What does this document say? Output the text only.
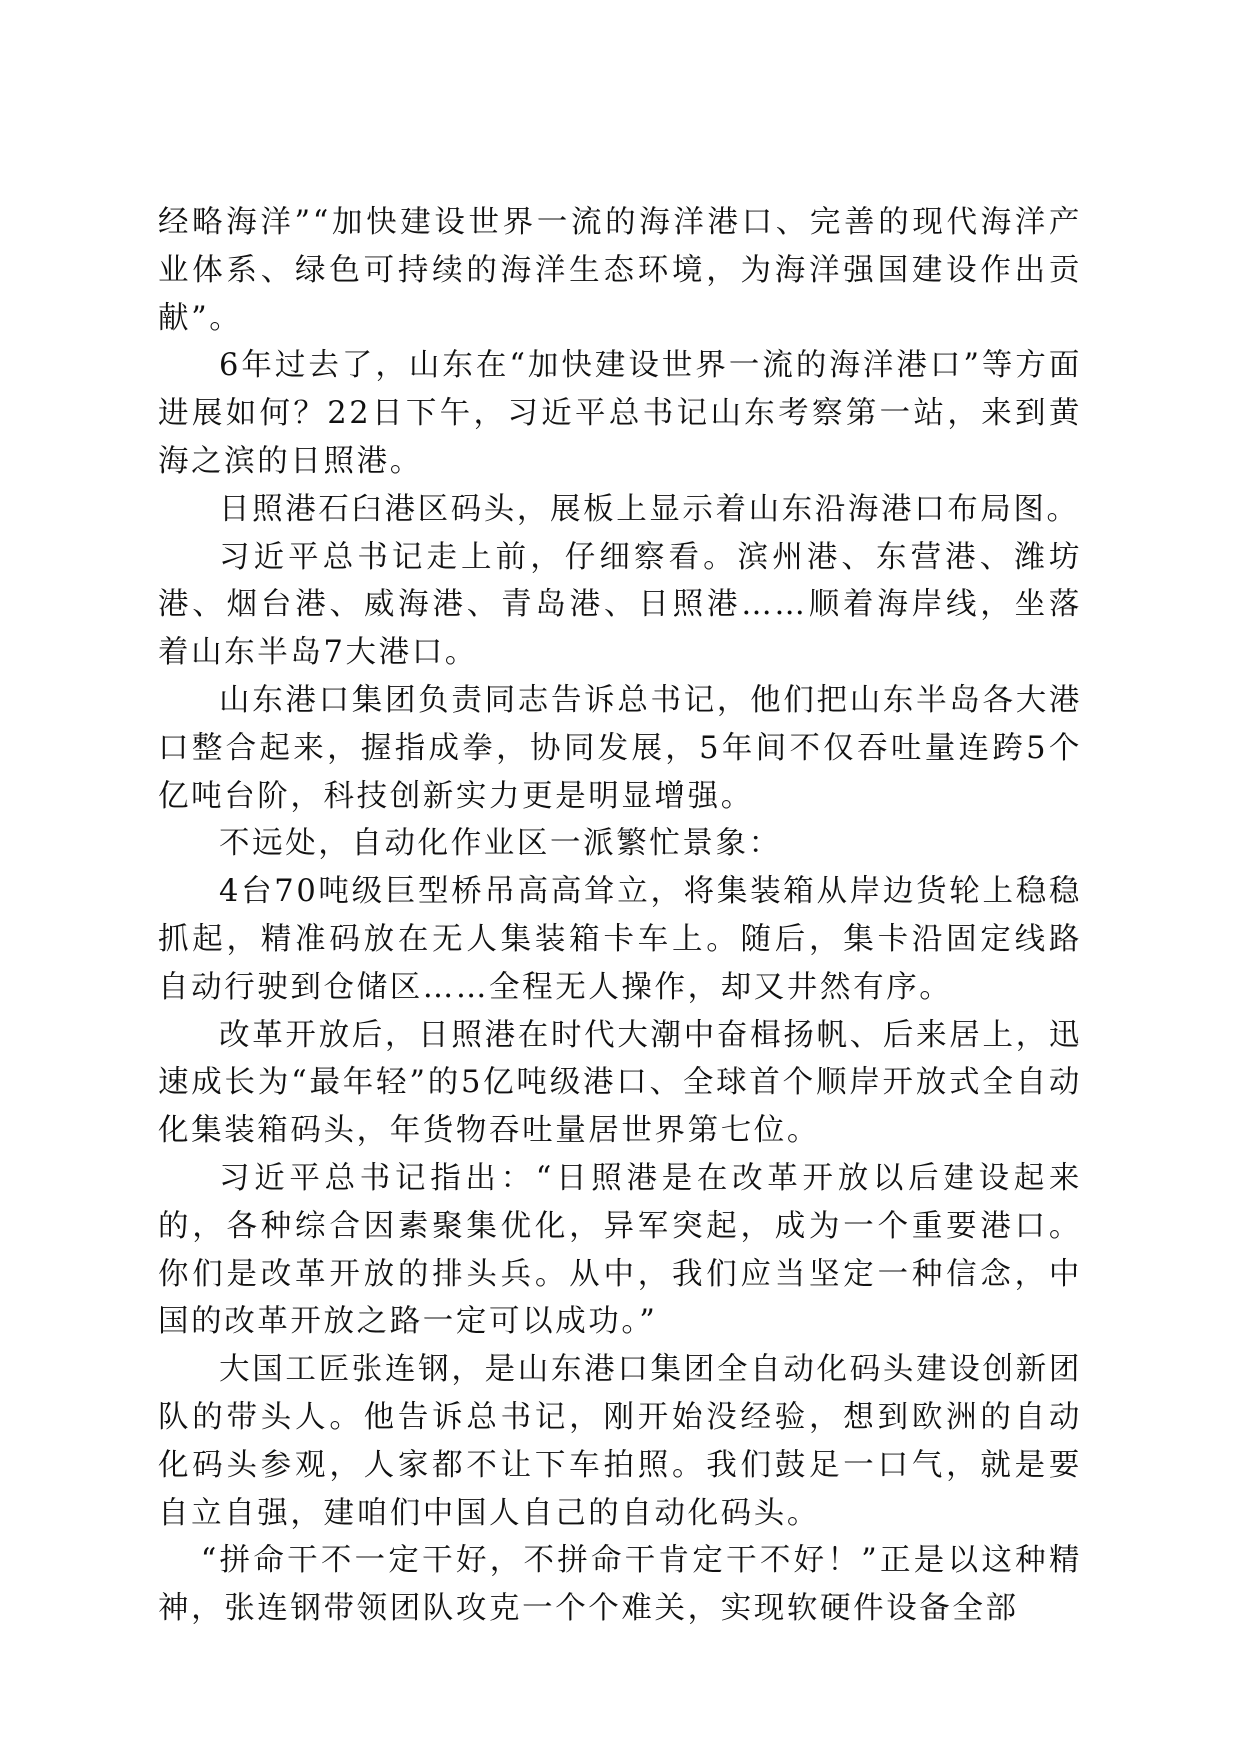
经略海洋”“加快建设世界一流的海洋港口、完善的现代海洋产业体系、绿色可持续的海洋生态环境，为海洋强国建设作出贡献”。

6年过去了，山东在“加快建设世界一流的海洋港口”等方面进展如何？22日下午，习近平总书记山东考察第一站，来到黄海之滨的日照港。

日照港石臼港区码头，展板上显示着山东沿海港口布局图。

习近平总书记走上前，仔细察看。滨州港、东营港、潍坊港、烟台港、威海港、青岛港、日照港……顺着海岸线，坐落着山东半岛7大港口。

山东港口集团负责同志告诉总书记，他们把山东半岛各大港口整合起来，握指成拳，协同发展，5年间不仅吞吐量连跨5个亿吨台阶，科技创新实力更是明显增强。

不远处，自动化作业区一派繁忙景象：

4台70吨级巨型桥吊高高耸立，将集装箱从岸边货轮上稳稳抓起，精准码放在无人集装箱卡车上。随后，集卡沿固定线路自动行驶到仓储区……全程无人操作，却又井然有序。

改革开放后，日照港在时代大潮中奋楫扬帆、后来居上，迅速成长为“最年轻”的5亿吨级港口、全球首个顺岸开放式全自动化集装箱码头，年货物吞吐量居世界第七位。

习近平总书记指出：“日照港是在改革开放以后建设起来的，各种综合因素聚集优化，异军突起，成为一个重要港口。你们是改革开放的排头兵。从中，我们应当坚定一种信念，中国的改革开放之路一定可以成功。”

大国工匠张连钢，是山东港口集团全自动化码头建设创新团队的带头人。他告诉总书记，刚开始没经验，想到欧洲的自动化码头参观，人家都不让下车拍照。我们鼓足一口气，就是要自立自强，建咱们中国人自己的自动化码头。

“拼命干不一定干好，不拼命干肯定干不好！”正是以这种精神，张连钢带领团队攻克一个个难关，实现软硬件设备全部
